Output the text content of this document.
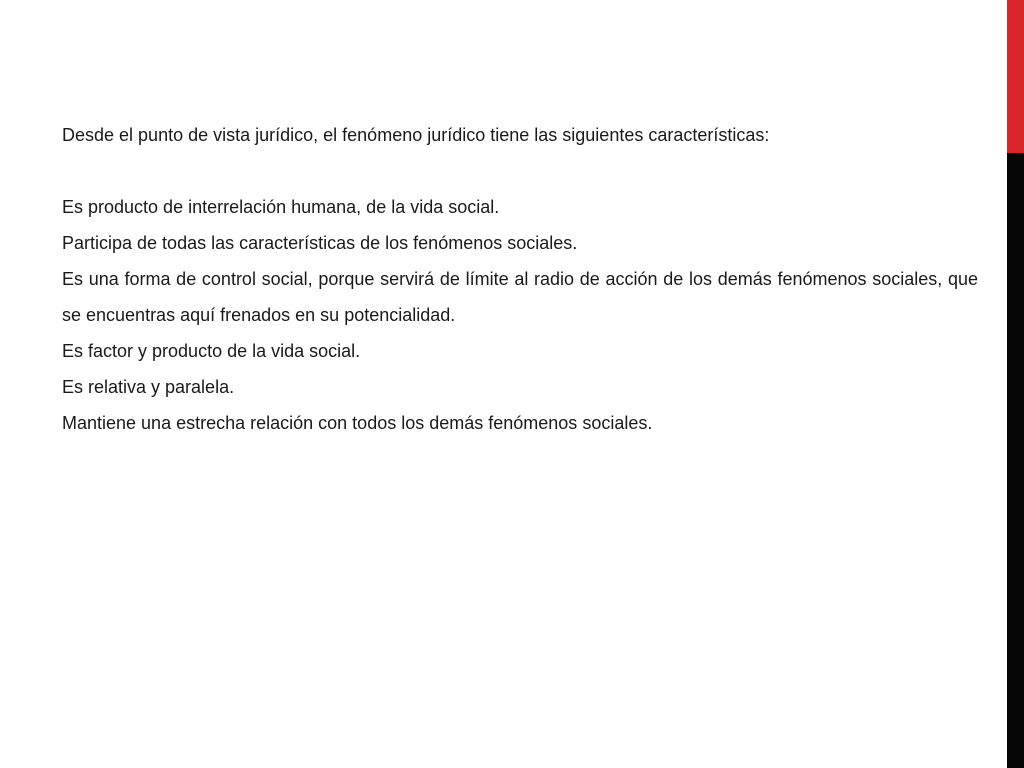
Desde el punto de vista jurídico, el fenómeno jurídico tiene las siguientes características:

Es producto de interrelación humana, de la vida social.
Participa de todas las características de los fenómenos sociales.
Es una forma de control social, porque servirá de límite al radio de acción de los demás fenómenos sociales, que se encuentras aquí frenados en su potencialidad.
Es factor y producto de la vida social.
Es relativa y paralela.
Mantiene una estrecha relación con todos los demás fenómenos sociales.
